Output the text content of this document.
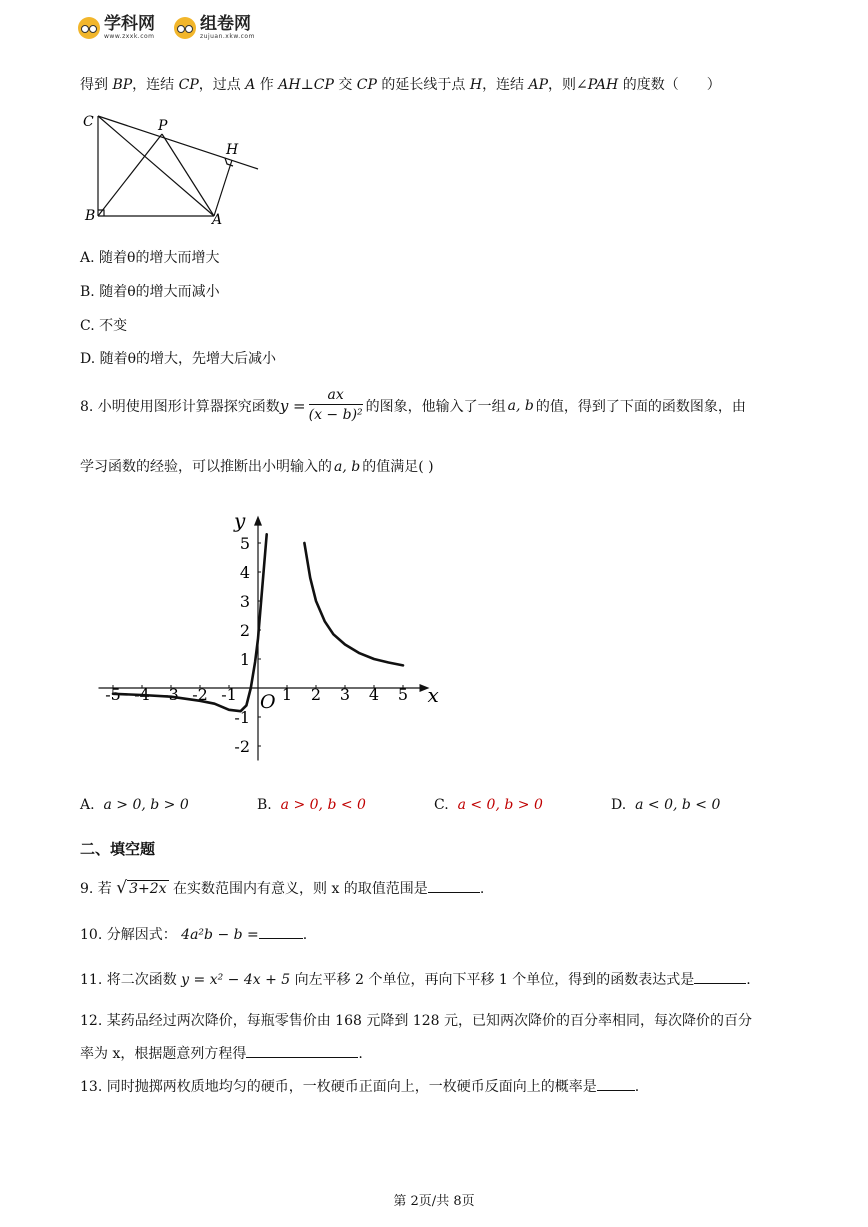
学科网
www.zxxk.com
组卷网
zujuan.xkw.com
得到 BP，连结 CP，过点 A 作 AH⊥CP 交 CP 的延长线于点 H，连结 AP，则∠PAH 的度数（　　）
C	P
H
B	A
A. 随着θ的增大而增大
B. 随着θ的增大而减小
C. 不变
D. 随着θ的增大，先增大后减小
8. 小明使用图形计算器探究函数 $y = \frac{ax}{\text{(x − b)²}}$ 的图象，他输入了一组 a, b 的值，得到了下面的函数图象，由
学习函数的经验，可以推断出小明输入的 a, b 的值满足( )
-5 -4 -3 -2 -1	1 2 3 4 5
-2
-1
1
2
3
4
5
x
y
O
A. a > 0, b > 0	B. a > 0, b < 0	C. a < 0, b > 0	D. a < 0, b < 0
二、填空题
9. 若 √ 3+2x 在实数范围内有意义，则 x 的取值范围是	.
10. 分解因式： 4a²b − b =	.
11. 将二次函数 y = x² − 4x + 5 向左平移 2 个单位，再向下平移 1 个单位，得到的函数表达式是	.
12. 某药品经过两次降价，每瓶零售价由 168 元降到 128 元，已知两次降价的百分率相同，每次降价的百分
率为 x，根据题意列方程得	.
13. 同时抛掷两枚质地均匀的硬币，一枚硬币正面向上，一枚硬币反面向上的概率是	.
第 2页/共 8页
